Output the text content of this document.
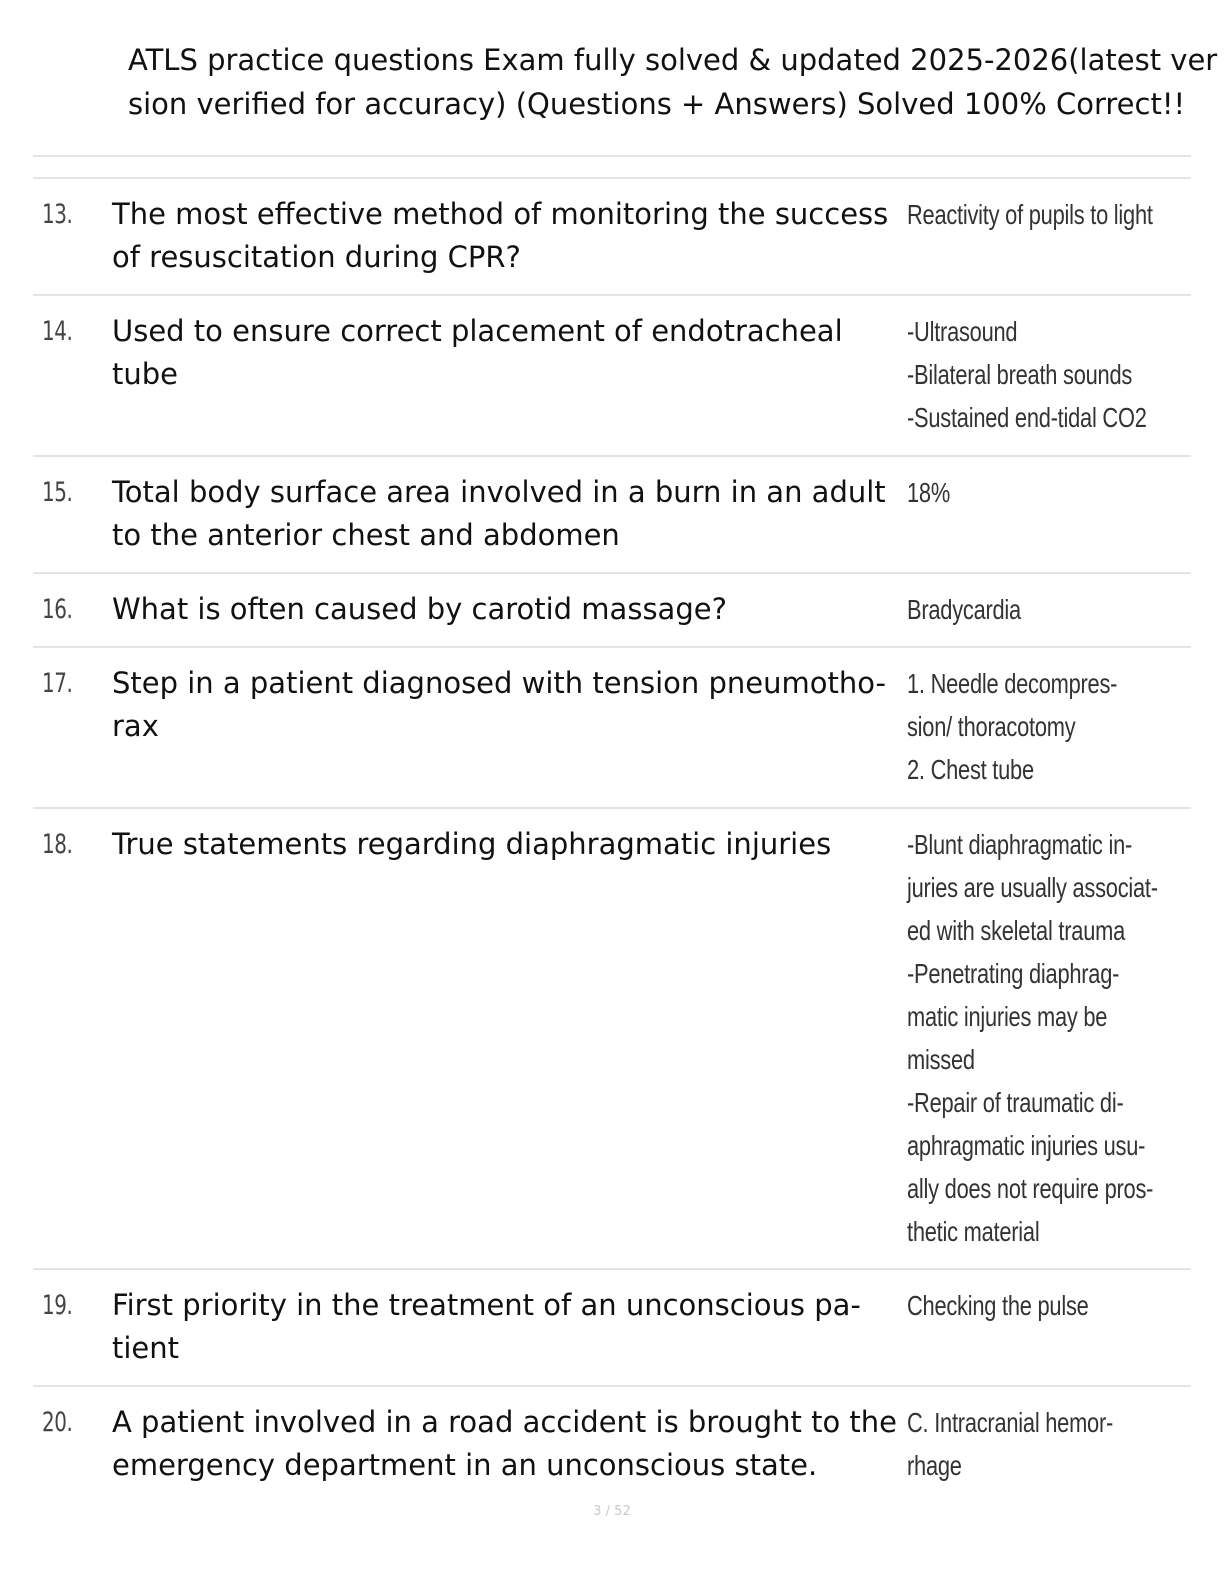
ATLS practice questions Exam fully solved & updated 2025-2026(latest version verified for accuracy) (Questions + Answers) Solved 100% Correct!!
13. The most effective method of monitoring the success of resuscitation during CPR?
Reactivity of pupils to light
14. Used to ensure correct placement of endotracheal tube
-Ultrasound
-Bilateral breath sounds
-Sustained end-tidal CO2
15. Total body surface area involved in a burn in an adult to the anterior chest and abdomen
18%
16. What is often caused by carotid massage?	Bradycardia
17. Step in a patient diagnosed with tension pneumotho-rax
1. Needle decompres-
sion/ thoracotomy
2. Chest tube
18. True statements regarding diaphragmatic injuries	-Blunt diaphragmatic in-
juries are usually associat-
ed with skeletal trauma
-Penetrating diaphrag-
matic injuries may be
missed
-Repair of traumatic di-
aphragmatic injuries usu-
ally does not require pros-
thetic material
19. First priority in the treatment of an unconscious pa-tient
Checking the pulse
20. A patient involved in a road accident is brought to the emergency department in an unconscious state.
C. Intracranial hemor-
rhage
3 / 52
